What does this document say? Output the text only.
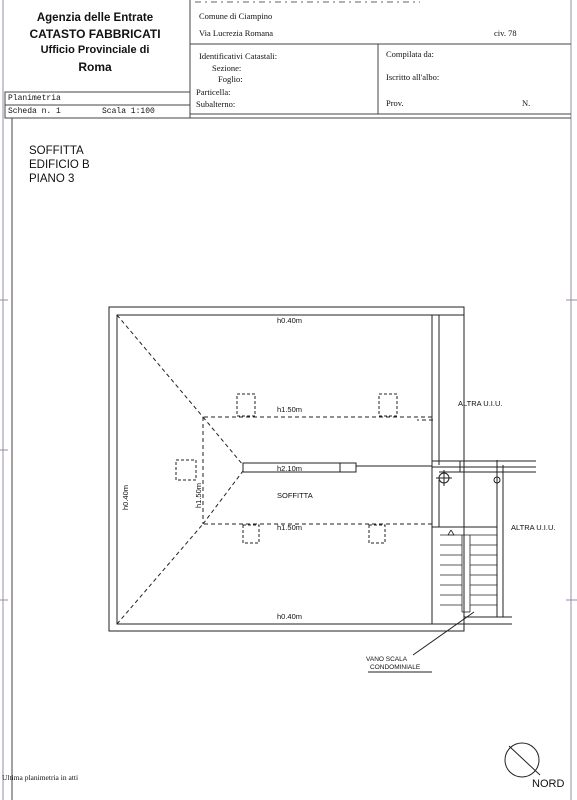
Agenzia delle Entrate
CATASTO FABBRICATI
Ufficio Provinciale di
Roma
Comune di Ciampino
Via Lucrezia Romana	civ. 78
Identificativi Catastali:
Sezione:
Foglio:
Particella:
Subalterno:
Compilata da:
Iscritto all'albo:
Prov.	N.
Planimetria
Scheda n. 1	Scala 1:100
SOFFITTA
EDIFICIO B
PIANO 3
h0.40m
h1.50m
h2.10m
SOFFITTA
h1.50m
h0.40m
ALTRA U.I.U.
ALTRA U.I.U.
VANO SCALA
CONDOMINIALE
h0.40m	h1.50m
Ultima planimetria in atti
NORD
